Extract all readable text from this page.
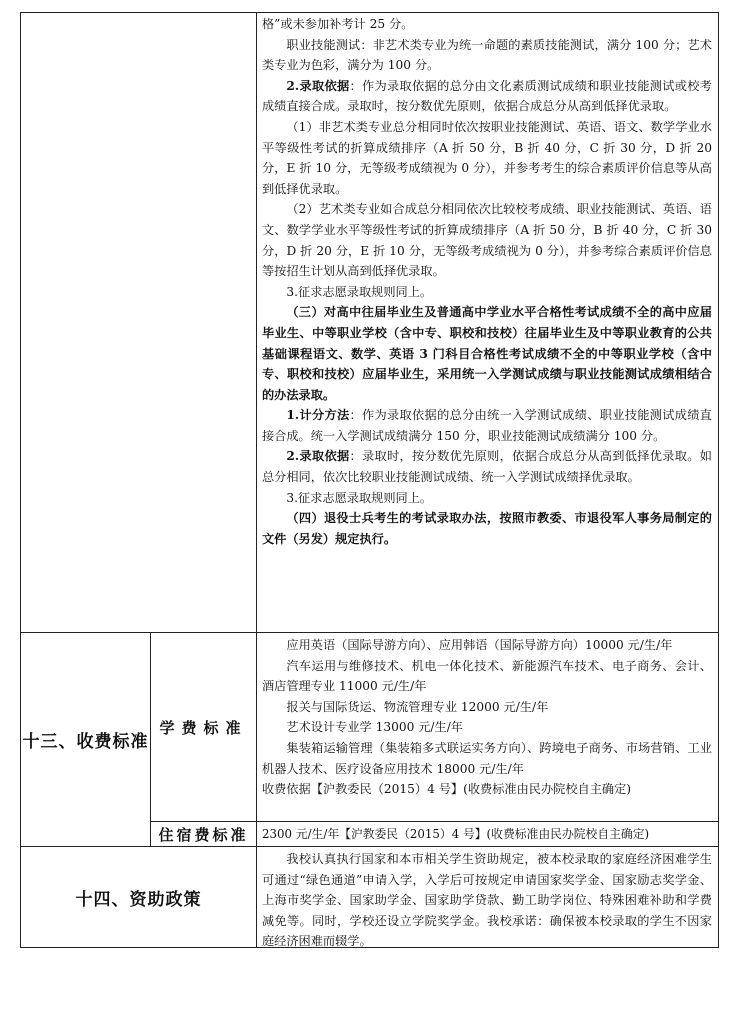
格”或未参加补考计 25 分。

职业技能测试：非艺术类专业为统一命题的素质技能测试，满分 100 分；艺术类专业为色彩，满分为 100 分。

2.录取依据：作为录取依据的总分由文化素质测试成绩和职业技能测试或校考成绩直接合成。录取时，按分数优先原则，依据合成总分从高到低择优录取。

（1）非艺术类专业总分相同时依次按职业技能测试、英语、语文、数学学业水平等级性考试的折算成绩排序（A 折 50 分，B 折 40 分，C 折 30 分，D 折 20 分，E 折 10 分，无等级考成绩视为 0 分），并参考考生的综合素质评价信息等从高到低择优录取。

（2）艺术类专业如合成总分相同依次比较校考成绩、职业技能测试、英语、语文、数学学业水平等级性考试的折算成绩排序（A 折 50 分，B 折 40 分，C 折 30 分，D 折 20 分，E 折 10 分，无等级考成绩视为 0 分），并参考综合素质评价信息等按招生计划从高到低择优录取。

3.征求志愿录取规则同上。

（三）对高中往届毕业生及普通高中学业水平合格性考试成绩不全的高中应届毕业生、中等职业学校（含中专、职校和技校）往届毕业生及中等职业教育的公共基础课程语文、数学、英语 3 门科目合格性考试成绩不全的中等职业学校（含中专、职校和技校）应届毕业生，采用统一入学测试成绩与职业技能测试成绩相结合的办法录取。

1.计分方法：作为录取依据的总分由统一入学测试成绩、职业技能测试成绩直接合成。统一入学测试成绩满分 150 分，职业技能测试成绩满分 100 分。

2.录取依据：录取时，按分数优先原则，依据合成总分从高到低择优录取。如总分相同，依次比较职业技能测试成绩、统一入学测试成绩择优录取。

3.征求志愿录取规则同上。

（四）退役士兵考生的考试录取办法，按照市教委、市退役军人事务局制定的文件（另发）规定执行。

十三、收费标准
学费标准

应用英语（国际导游方向）、应用韩语（国际导游方向）10000 元/生/年

汽车运用与维修技术、机电一体化技术、新能源汽车技术、电子商务、会计、酒店管理专业 11000 元/生/年

报关与国际货运、物流管理专业 12000 元/生/年

艺术设计专业学 13000 元/生/年

集装箱运输管理（集装箱多式联运实务方向）、跨境电子商务、市场营销、工业机器人技术、医疗设备应用技术 18000 元/生/年

收费依据【沪教委民（2015）4 号】(收费标准由民办院校自主确定)

住宿费标准	2300 元/生/年【沪教委民（2015）4 号】(收费标准由民办院校自主确定)

十四、资助政策

我校认真执行国家和本市相关学生资助规定，被本校录取的家庭经济困难学生可通过“绿色通道”申请入学，入学后可按规定申请国家奖学金、国家励志奖学金、上海市奖学金、国家助学金、国家助学贷款、勤工助学岗位、特殊困难补助和学费减免等。同时，学校还设立学院奖学金。我校承诺：确保被本校录取的学生不因家庭经济困难而辍学。
